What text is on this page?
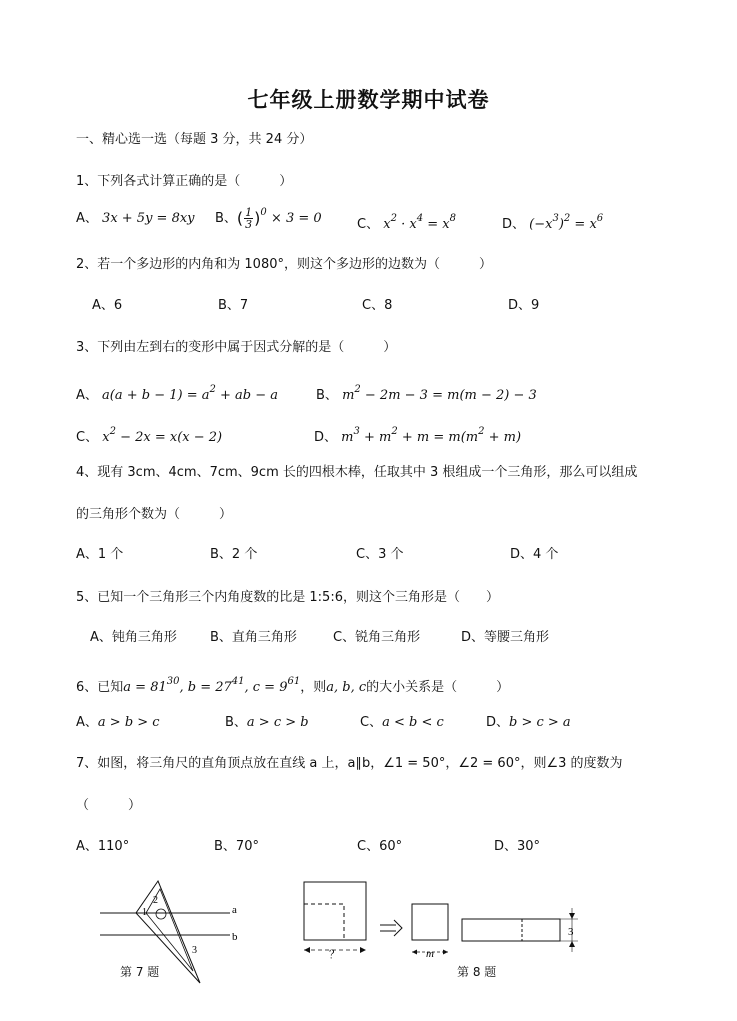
七年级上册数学期中试卷
一、精心选一选（每题 3 分，共 24 分）
1、下列各式计算正确的是（　　　）
A、 3x + 5y = 8xy B、( $\frac{1}{3} )^0 \times 3 = 0$	C、 $x^2 \cdot x^4 = x^8$	D、 $(-x^3)^2 = x^6$
2、若一个多边形的内角和为 1080°，则这个多边形的边数为（　　　）
A、6	B、7	C、8	D、9
3、下列由左到右的变形中属于因式分解的是（　　　）
A、 $a(a + b - 1) = a^2$ + ab − a	B、 $m^2 - 2m - 3 = m(m - 2) - 3$
C、 $x^2 - 2x = x(x - 2)$	D、 $m^3 + m^2 + m = m(m^2 + m)$
4、现有 3cm、4cm、7cm、9cm 长的四根木棒，任取其中 3 根组成一个三角形，那么可以组成
的三角形个数为（　　　）
A、1 个	B、2 个	C、3 个	D、4 个
5、已知一个三角形三个内角度数的比是 1:5:6，则这个三角形是（　　）
A、钝角三角形	B、直角三角形	C、锐角三角形	D、等腰三角形
6、已知$a = 81^{30}$, $b = 27^{41}$, $c = 9^{61}$，则a, b, c的大小关系是（　　　）
A、a > b > c	B、a > c > b	C、a < b < c	D、b > c > a
7、如图，将三角尺的直角顶点放在直线 a 上，a∥b，∠1 = 50°，∠2 = 60°，则∠3 的度数为
（　　　）
A、110°	B、70°	C、60°	D、30°
a
b
1
2
3
第 7 题
？	m
3
第 8 题
